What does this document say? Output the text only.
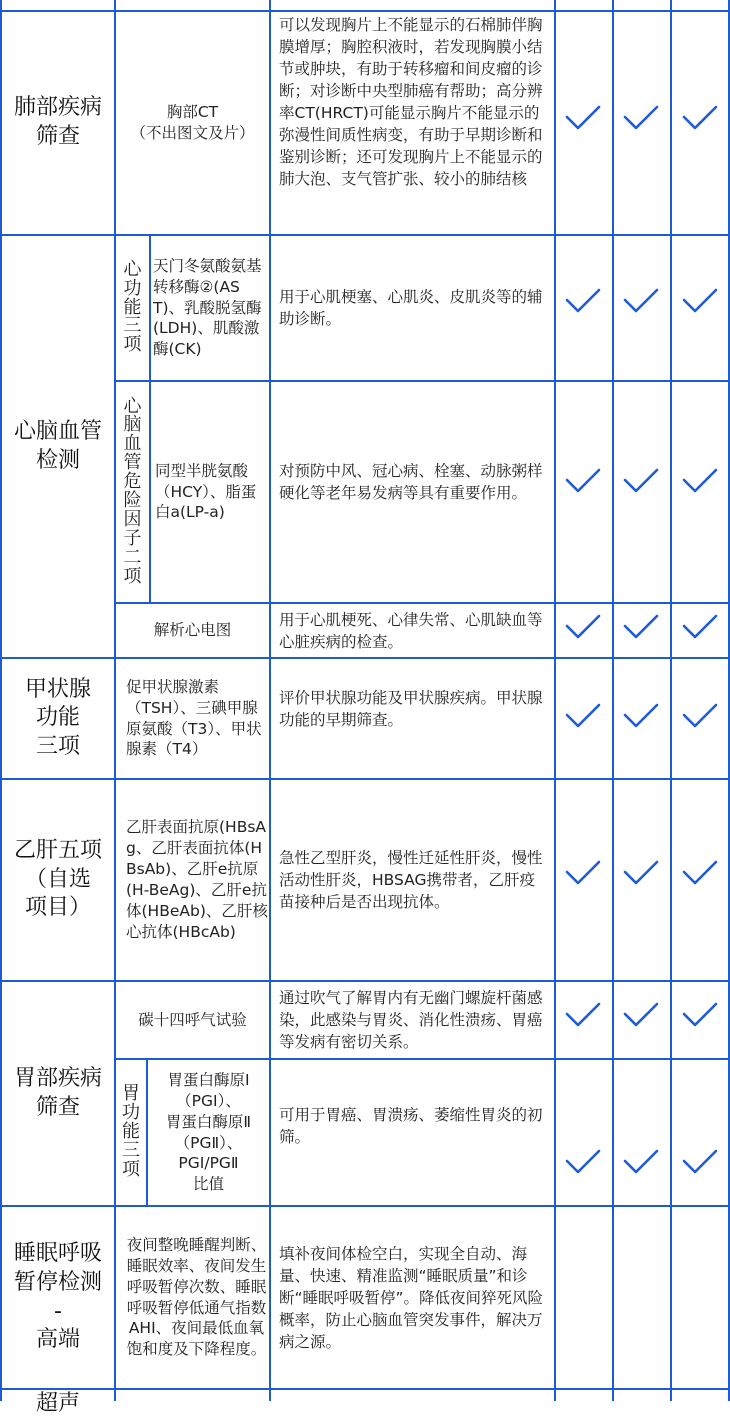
肺部疾病
筛查
胸部CT
（不出图文及片）
可以发现胸片上不能显示的石棉肺伴胸膜增厚；胸腔积液时，若发现胸膜小结节或肿块，有助于转移瘤和间皮瘤的诊断；对诊断中央型肺癌有帮助；高分辨率CT(HRCT)可能显示胸片不能显示的弥漫性间质性病变，有助于早期诊断和鉴别诊断；还可发现胸片上不能显示的肺大泡、支气管扩张、较小的肺结核
心功能三项
天门冬氨酸氨基转移酶②(AST)、乳酸脱氢酶(LDH)、肌酸激酶(CK)
用于心肌梗塞、心肌炎、皮肌炎等的辅助诊断。
心脑血管
检测
心脑血管危险因子二项
同型半胱氨酸（HCY）、脂蛋白a(LP-a)
对预防中风、冠心病、栓塞、动脉粥样硬化等老年易发病等具有重要作用。
解析心电图
用于心肌梗死、心律失常、心肌缺血等心脏疾病的检查。
甲状腺
功能
三项
促甲状腺激素（TSH）、三碘甲腺原氨酸（T3）、甲状腺素（T4）
评价甲状腺功能及甲状腺疾病。甲状腺功能的早期筛查。
乙肝五项
（自选
项目）
乙肝表面抗原(HBsAg、乙肝表面抗体(HBsAb)、乙肝e抗原(H-BeAg)、乙肝e抗体(HBeAb)、乙肝核心抗体(HBcAb)
急性乙型肝炎，慢性迁延性肝炎，慢性活动性肝炎，HBSAG携带者，乙肝疫苗接种后是否出现抗体。
碳十四呼气试验
通过吹气了解胃内有无幽门螺旋杆菌感染，此感染与胃炎、消化性溃疡、胃癌等发病有密切关系。
胃部疾病
筛查
胃功能三项
胃蛋白酶原Ⅰ
（PGⅠ）、
胃蛋白酶原Ⅱ
（PGⅡ）、
PGⅠ/PGⅡ
比值
可用于胃癌、胃溃疡、萎缩性胃炎的初筛。
睡眠呼吸
暂停检测
-
高端
夜间整晚睡醒判断、睡眠效率、夜间发生呼吸暂停次数、睡眠呼吸暂停低通气指数AHI、夜间最低血氧饱和度及下降程度。
填补夜间体检空白，实现全自动、海量、快速、精准监测“睡眠质量”和诊断“睡眠呼吸暂停”。降低夜间猝死风险概率，防止心脑血管突发事件，解决万病之源。
超声
